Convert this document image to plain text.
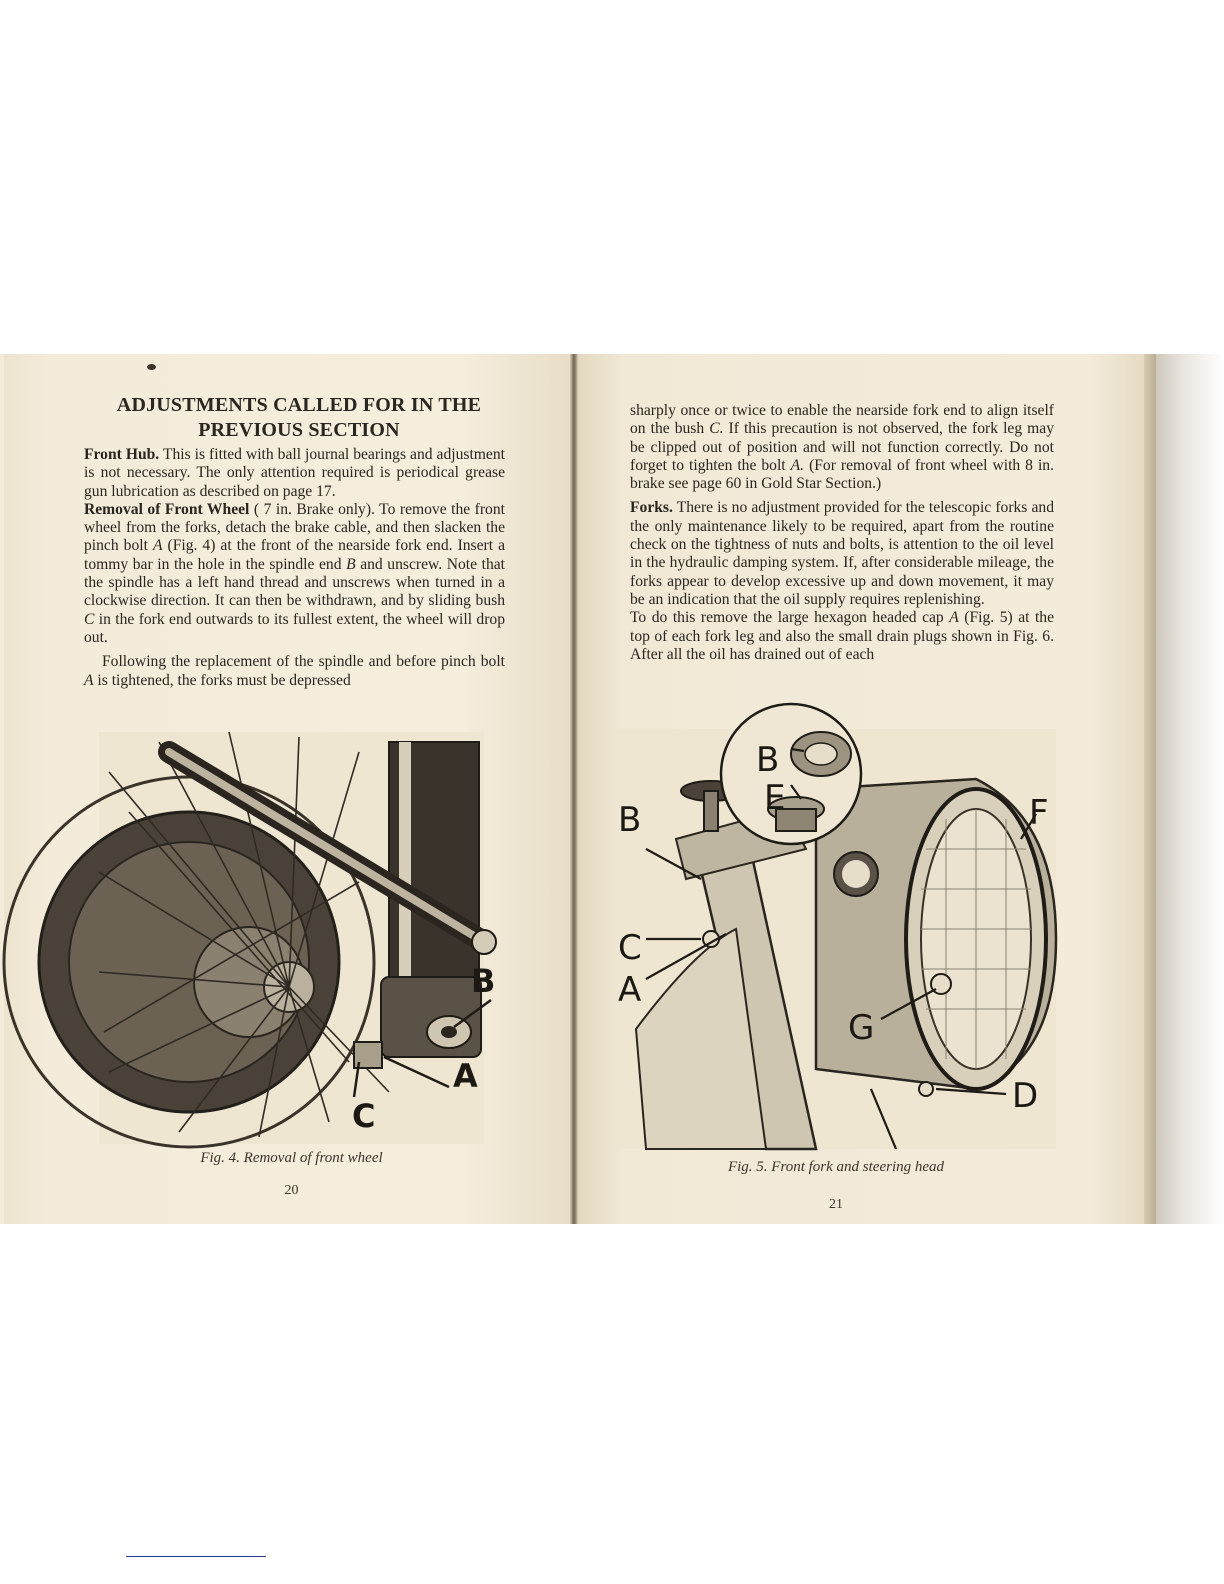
ADJUSTMENTS CALLED FOR IN THE
PREVIOUS SECTION

Front Hub. This is fitted with ball journal bearings and adjustment is not necessary. The only attention required is periodical grease gun lubrication as described on page 17.
Removal of Front Wheel ( 7 in. Brake only). To remove the front wheel from the forks, detach the brake cable, and then slacken the pinch bolt A (Fig. 4) at the front of the nearside fork end. Insert a tommy bar in the hole in the spindle end B and unscrew. Note that the spindle has a left hand thread and unscrews when turned in a clockwise direction. It can then be withdrawn, and by sliding bush C in the fork end outwards to its fullest extent, the wheel will drop out.

Following the replacement of the spindle and before pinch bolt A is tightened, the forks must be depressed

B
A
C
Fig. 4. Removal of front wheel
20

sharply once or twice to enable the nearside fork end to align itself on the bush C. If this precaution is not observed, the fork leg may be clipped out of position and will not function correctly. Do not forget to tighten the bolt A. (For removal of front wheel with 8 in. brake see page 60 in Gold Star Section.)

Forks. There is no adjustment provided for the telescopic forks and the only maintenance likely to be required, apart from the routine check on the tightness of nuts and bolts, is attention to the oil level in the hydraulic damping system. If, after considerable mileage, the forks appear to develop excessive up and down movement, it may be an indication that the oil supply requires replenishing.
To do this remove the large hexagon headed cap A (Fig. 5) at the top of each fork leg and also the small drain plugs shown in Fig. 6. After all the oil has drained out of each

B
E
B	F
C
A
G
D
Fig. 5. Front fork and steering head
21
